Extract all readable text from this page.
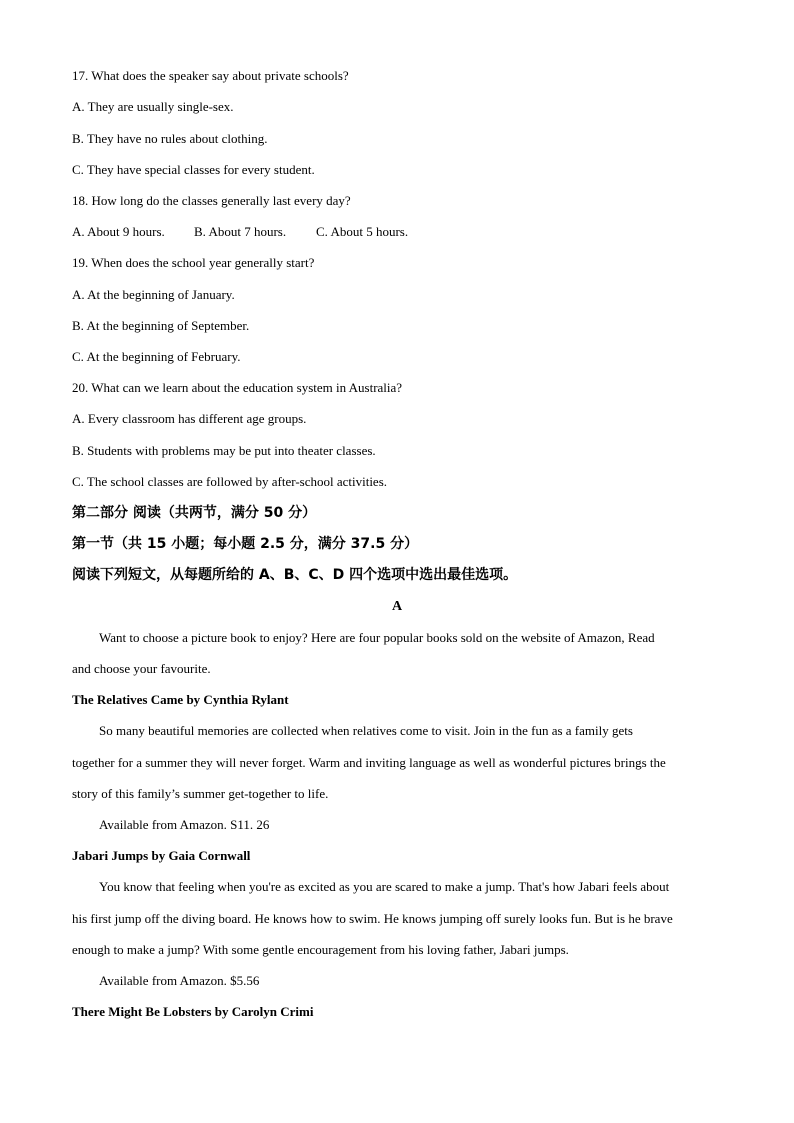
17. What does the speaker say about private schools?
A. They are usually single-sex.
B. They have no rules about clothing.
C. They have special classes for every student.
18. How long do the classes generally last every day?
A. About 9 hours. B. About 7 hours. C. About 5 hours.
19. When does the school year generally start?
A. At the beginning of January.
B. At the beginning of September.
C. At the beginning of February.
20. What can we learn about the education system in Australia?
A. Every classroom has different age groups.
B. Students with problems may be put into theater classes.
C. The school classes are followed by after-school activities.
第二部分 阅读（共两节，满分 50 分）
第一节（共 15 小题；每小题 2.5 分，满分 37.5 分）
阅读下列短文，从每题所给的 A、B、C、D 四个选项中选出最佳选项。
A
Want to choose a picture book to enjoy? Here are four popular books sold on the website of Amazon, Read
and choose your favourite.
The Relatives Came by Cynthia Rylant
So many beautiful memories are collected when relatives come to visit. Join in the fun as a family gets
together for a summer they will never forget. Warm and inviting language as well as wonderful pictures brings the
story of this family’s summer get-together to life.
Available from Amazon. S11. 26
Jabari Jumps by Gaia Cornwall
You know that feeling when you're as excited as you are scared to make a jump. That's how Jabari feels about
his first jump off the diving board. He knows how to swim. He knows jumping off surely looks fun. But is he brave
enough to make a jump? With some gentle encouragement from his loving father, Jabari jumps.
Available from Amazon. $5.56
There Might Be Lobsters by Carolyn Crimi
